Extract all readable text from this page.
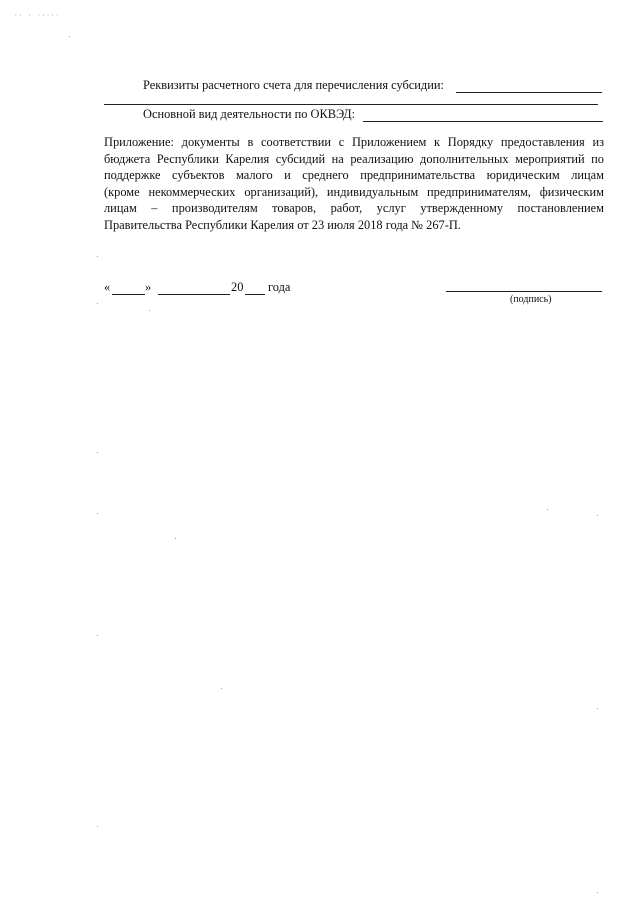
·· · ·····
Реквизиты расчетного счета для перечисления субсидии:
Основной вид деятельности по ОКВЭД:
Приложение: документы в соответствии с Приложением к Порядку предоставления из
бюджета Республики Карелия субсидий на реализацию дополнительных мероприятий по
поддержке субъектов малого и среднего предпринимательства юридическим лицам
(кроме некоммерческих организаций), индивидуальным предпринимателям, физическим
лицам – производителям товаров, работ, услуг утвержденному постановлением
Правительства Республики Карелия от 23 июля 2018 года № 267-П.
«	»	20 года
(подпись)
